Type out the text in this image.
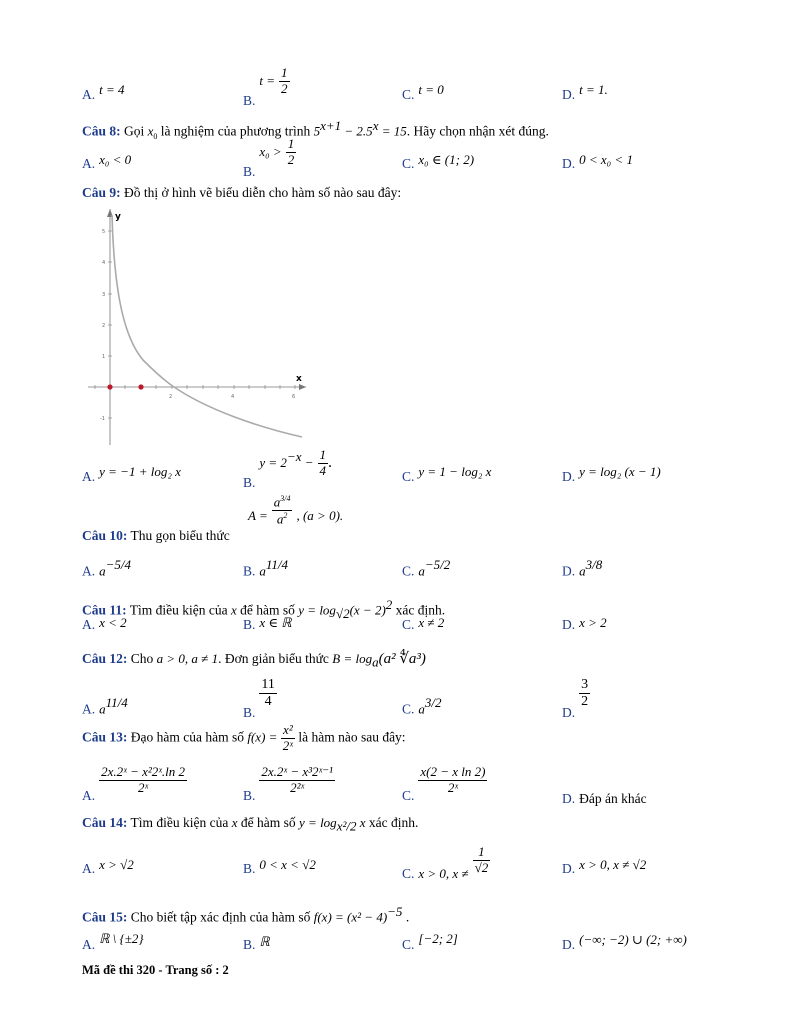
A. $^{t = 4}$
$_{B.}$ $t = \frac{1}{2}$	C. $^{t = 0}$	D. $^{t = 1.}$
Câu 8: Gọi $x_0$ là nghiệm của phương trình $5^{x+1} - 2.5^x = 15$. Hãy chọn nhận xét đúng.
A. $^{x_0 < 0}$
$_{B.}$ $x_0 > \frac{1}{2}$	C. $^{x_0 \in (1; 2)}$	D. $^{0 < x_0 < 1}$
Câu 9: Đồ thị ở hình vẽ biểu diễn cho hàm số nào sau đây:
2	4	6
5
4
3
2
1
-1
y
x
A. $^{y = -1 + log_2 x}$
$_{B.}$ $y = 2^{-x} - \frac{1}{4}$ .
C. $^{y = 1 - log_2 x}$	D. $^{y = log_2 (x - 1)}$
Câu 10: Thu gọn biểu thức
$_{A =} \frac{a^{3/4}}{a^2} _{, (a > 0).}$
A. $a^{-5/4}$	B. $a^{11/4}$	C. $a^{-5/2}$	D. $a^{3/8}$
Câu 11: Tìm điều kiện của x để hàm số $y = \log_{√2}(x - 2)^2$ xác định.
A. x < 2	B. x ∈ ℝ	C. x ≠ 2	D. x > 2
Câu 12: Cho a > 0, a ≠ 1. Đơn giản biểu thức $B = \log_a(a^2$ ∜a³)
A. $a^{11/4}$
$_{B.}$
$\frac{11}{4}$	C. $a^{3/2}$
$_{D.}$
$\frac{3}{2}$
Câu 13: Đạo hàm của hàm số $f(x) = \frac{\text{x²}}{\text{2ˣ}}$ là hàm nào sau đây:
$_{A.} \frac{\text{2x.2ˣ − x²2ˣ.ln 2}}{\text{2ˣ}}$	$_{B.} \frac{\text{2x.2ˣ − x³2ˣ⁻¹}}{\text{2²ˣ}}$	$_{C.} \frac{\text{x(2 − x ln 2)}}{\text{2ˣ}}$
D. Đáp án khác
Câu 14: Tìm điều kiện của x để hàm số $y = \log_{x^2/2} x$ xác định.
A. $^{x > √2}$	B. $^{0 < x < √2}$
$_{C.}$ $_{x > 0, x \ne} \frac{1}{√2}$	D. $^{x > 0, x \ne √2}$
Câu 15: Cho biết tập xác định của hàm số $f(x) = (x^2 - 4)^{-5}$ .
A. $^{ℝ \backslash \{\pm 2\}}$	B. ℝ	C. [−2; 2]	D. $^{(-\infty; -2) \cup (2; +\infty)}$
Mã đề thi 320 - Trang số : 2
